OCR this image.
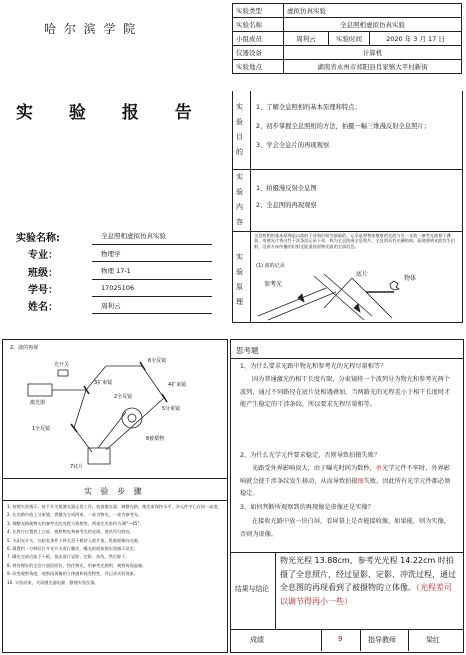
哈 尔 滨 学 院
实 验 报 告
实验名称:	全息照相虚拟仿真实验
专业：	物理学
班级：	物理 17-1
学号：	17025106
姓名：	周利云
实验类型	虚拟仿真实验		
实验名称	全息照相虚拟仿真实验		
小组成员	周利云	实验时间	2020 年 3 月 17 日
仪器设备	计算机		
实验地点	湖南省永州市祁阳县肖家镇大平村新街		
实
验
目
的
1、了解全息照相的基本原理和特点；
2、初步掌握全息照相的方法，拍摄一幅三维漫反射全息照片；
3、学会全息片的再现观察
实
验
内
容
1、拍摄漫反射全息图
2、全息图的再现观察
实
验
原
理
全息照相的基本原理是以波的干涉和衍射为基础的。记录是将物体散射的光波与另一光波一参考光波相干叠加，用感光片将这些干涉条纹记录下来，称为全息图或全息照片。全息图具有光栅结构，能使照明光波发生衍射，沿原方向传播的衍射光能重现原物光波的全部信息。
(1) 波的记录
参考光
底片
物体
2、波的再现
光开关
激光器
3扩束镜
6全反镜
4扩束镜
5分束镜
1全反镜
2全反镜
7底片
8被摄物
实 验 步 骤
1. 按照实验指示，按下开关使激光器正常工作，检查激光器，调整光路，使光束保持水平，各元件中心在同一高度。
2. 在光路中放上分束镜，将激光分成两束，一束为物光，一束为参考光。
3. 调整光路使物光和参考光的光程大致相等，两束光夹角约为30°~45°。
4. 在底片位置放上白屏，观察物光和参考光的光斑，使其均匀照亮。
5. 关闭光开关，在暗室条件下将全息干板装入底片架，乳胶面朝向光源。
6. 静置约一分钟后打开光开关进行曝光，曝光时间按照实验指示设定。
7. 曝光完成后取下干板，依次进行显影、定影、冲洗，然后晾干。
8. 将处理好的全息片放回原位，挡住物光，用参考光照明，观察再现虚像。
9. 改变观察角度，观察再现像的立体感和视差特性，并记录实验现象。
10. 实验结束，关闭激光器电源，整理实验仪器。
思考题
1、为什么要求光路中物光和参考光的光程尽量相等？
因为普通激光的相干长度有限，分束镜将一个波列分为物光和参考光两个波列，通过不同路径在底片处相遇叠加，当两路光的光程差小于相干长度时才能产生稳定的干涉条纹，所以要求光程尽量相等。
2、为什么光学元件要求稳定，否则导致拍摄失败？
光路受外界影响很大，由于曝光时间为数秒，单光学元件不牢时，外界影响就会使干涉条纹发生移动，从而导致拍摄图失败，因此所有光学元件都必须稳定。
3、如何判断所观察到的再现像是虚像还是实像？
在接收光路中放一块白屏，看屏幕上是否能接收像，如果能，则为实像，否则为虚像。
结果与结论
物光光程 13.88cm、参考光光程 14.22cm 时拍摄了全息照片，经过显影、定影、冲洗过程，通过全息图的再现看到了被摄物的立体像。（光程差可以调节得再小一些）
成绩	9	指导教师	梁红
